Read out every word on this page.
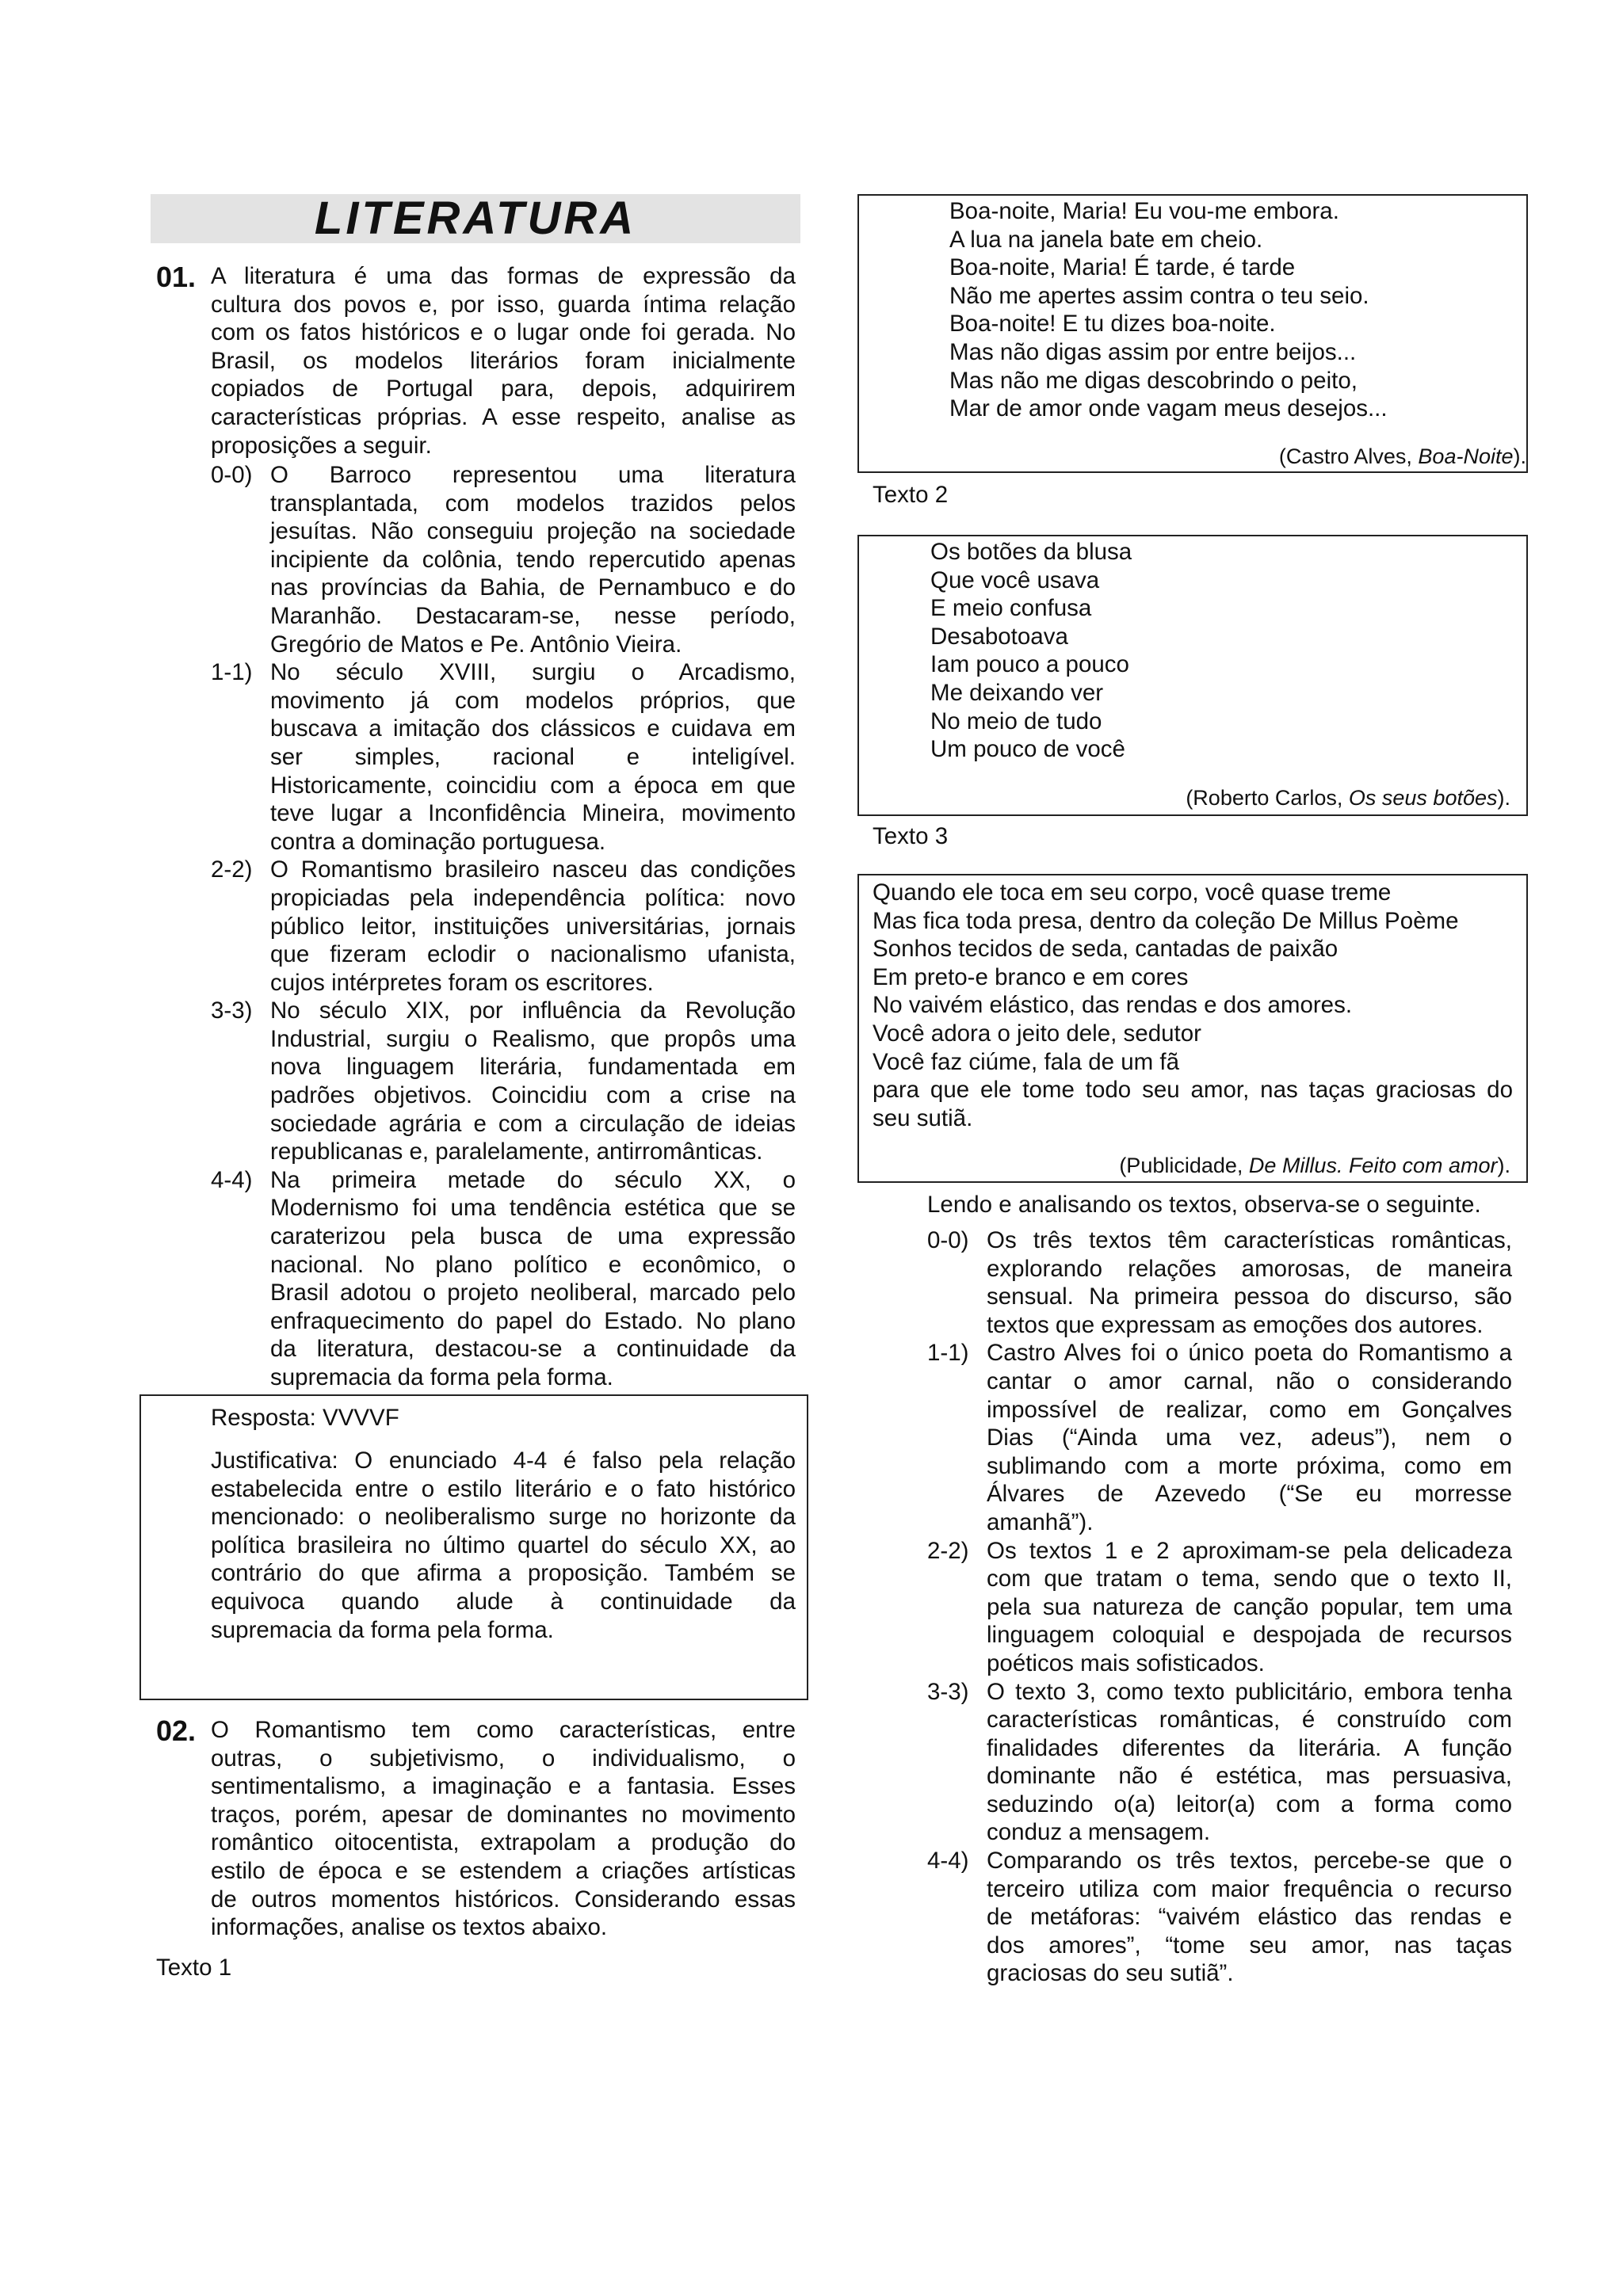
LITERATURA
01. A literatura é uma das formas de expressão da
cultura dos povos e, por isso, guarda íntima relação
com os fatos históricos e o lugar onde foi gerada. No
Brasil, os modelos literários foram inicialmente
copiados de Portugal para, depois, adquirirem
características próprias. A esse respeito, analise as
proposições a seguir.
0-0) O Barroco representou uma literatura
transplantada, com modelos trazidos pelos
jesuítas. Não conseguiu projeção na sociedade
incipiente da colônia, tendo repercutido apenas
nas províncias da Bahia, de Pernambuco e do
Maranhão. Destacaram-se, nesse período,
Gregório de Matos e Pe. Antônio Vieira.
1-1) No século XVIII, surgiu o Arcadismo,
movimento já com modelos próprios, que
buscava a imitação dos clássicos e cuidava em
ser simples, racional e inteligível.
Historicamente, coincidiu com a época em que
teve lugar a Inconfidência Mineira, movimento
contra a dominação portuguesa.
2-2) O Romantismo brasileiro nasceu das condições
propiciadas pela independência política: novo
público leitor, instituições universitárias, jornais
que fizeram eclodir o nacionalismo ufanista,
cujos intérpretes foram os escritores.
3-3) No século XIX, por influência da Revolução
Industrial, surgiu o Realismo, que propôs uma
nova linguagem literária, fundamentada em
padrões objetivos. Coincidiu com a crise na
sociedade agrária e com a circulação de ideias
republicanas e, paralelamente, antirromânticas.
4-4) Na primeira metade do século XX, o
Modernismo foi uma tendência estética que se
caraterizou pela busca de uma expressão
nacional. No plano político e econômico, o
Brasil adotou o projeto neoliberal, marcado pelo
enfraquecimento do papel do Estado. No plano
da literatura, destacou-se a continuidade da
supremacia da forma pela forma.
Resposta: VVVVF
Justificativa: O enunciado 4-4 é falso pela relação
estabelecida entre o estilo literário e o fato histórico
mencionado: o neoliberalismo surge no horizonte da
política brasileira no último quartel do século XX, ao
contrário do que afirma a proposição. Também se
equivoca quando alude à continuidade da
supremacia da forma pela forma.
02. O Romantismo tem como características, entre
outras, o subjetivismo, o individualismo, o
sentimentalismo, a imaginação e a fantasia. Esses
traços, porém, apesar de dominantes no movimento
romântico oitocentista, extrapolam a produção do
estilo de época e se estendem a criações artísticas
de outros momentos históricos. Considerando essas
informações, analise os textos abaixo.
Texto 1
Boa-noite, Maria! Eu vou-me embora.
A lua na janela bate em cheio.
Boa-noite, Maria! É tarde, é tarde
Não me apertes assim contra o teu seio.
Boa-noite! E tu dizes boa-noite.
Mas não digas assim por entre beijos...
Mas não me digas descobrindo o peito,
Mar de amor onde vagam meus desejos...
(Castro Alves, Boa-Noite).
Texto 2
Os botões da blusa
Que você usava
E meio confusa
Desabotoava
Iam pouco a pouco
Me deixando ver
No meio de tudo
Um pouco de você
(Roberto Carlos, Os seus botões).
Texto 3
Quando ele toca em seu corpo, você quase treme
Mas fica toda presa, dentro da coleção De Millus Poème
Sonhos tecidos de seda, cantadas de paixão
Em preto-e branco e em cores
No vaivém elástico, das rendas e dos amores.
Você adora o jeito dele, sedutor
Você faz ciúme, fala de um fã
para que ele tome todo seu amor, nas taças graciosas do
seu sutiã.
(Publicidade, De Millus. Feito com amor).
Lendo e analisando os textos, observa-se o seguinte.
0-0) Os três textos têm características românticas,
explorando relações amorosas, de maneira
sensual. Na primeira pessoa do discurso, são
textos que expressam as emoções dos autores.
1-1) Castro Alves foi o único poeta do Romantismo a
cantar o amor carnal, não o considerando
impossível de realizar, como em Gonçalves
Dias (“Ainda uma vez, adeus”), nem o
sublimando com a morte próxima, como em
Álvares de Azevedo (“Se eu morresse
amanhã”).
2-2) Os textos 1 e 2 aproximam-se pela delicadeza
com que tratam o tema, sendo que o texto II,
pela sua natureza de canção popular, tem uma
linguagem coloquial e despojada de recursos
poéticos mais sofisticados.
3-3) O texto 3, como texto publicitário, embora tenha
características românticas, é construído com
finalidades diferentes da literária. A função
dominante não é estética, mas persuasiva,
seduzindo o(a) leitor(a) com a forma como
conduz a mensagem.
4-4) Comparando os três textos, percebe-se que o
terceiro utiliza com maior frequência o recurso
de metáforas: “vaivém elástico das rendas e
dos amores”, “tome seu amor, nas taças
graciosas do seu sutiã”.
